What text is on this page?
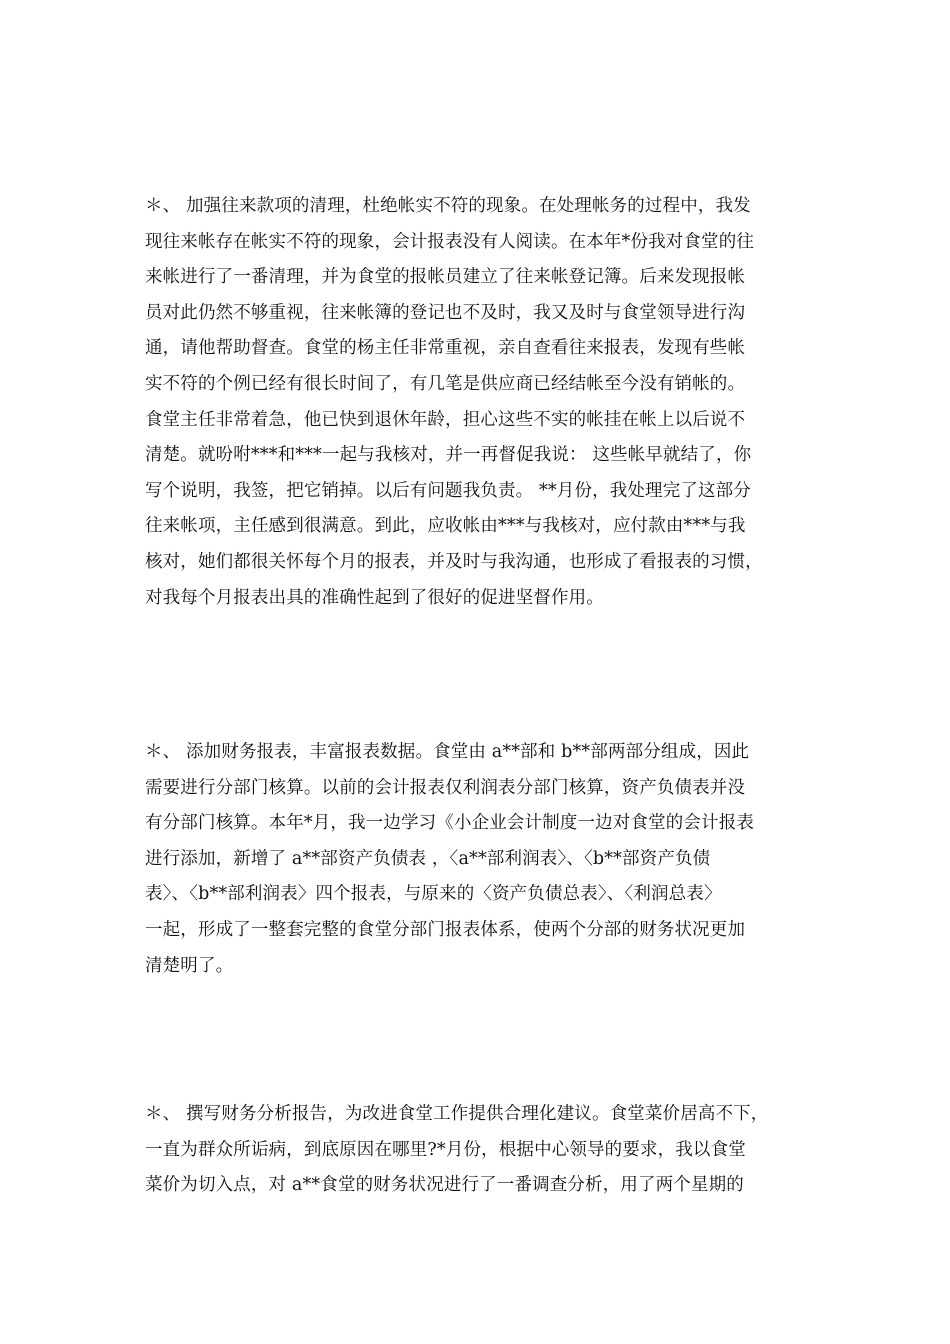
＊、 加强往来款项的清理，杜绝帐实不符的现象。在处理帐务的过程中，我发
现往来帐存在帐实不符的现象，会计报表没有人阅读。在本年*份我对食堂的往
来帐进行了一番清理，并为食堂的报帐员建立了往来帐登记簿。后来发现报帐
员对此仍然不够重视，往来帐簿的登记也不及时，我又及时与食堂领导进行沟
通，请他帮助督查。食堂的杨主任非常重视，亲自查看往来报表，发现有些帐
实不符的个例已经有很长时间了，有几笔是供应商已经结帐至今没有销帐的。
食堂主任非常着急，他已快到退休年龄，担心这些不实的帐挂在帐上以后说不
清楚。就吩咐***和***一起与我核对，并一再督促我说： 这些帐早就结了，你
写个说明，我签，把它销掉。以后有问题我负责。 **月份，我处理完了这部分
往来帐项，主任感到很满意。到此，应收帐由***与我核对，应付款由***与我
核对，她们都很关怀每个月的报表，并及时与我沟通，也形成了看报表的习惯，
对我每个月报表出具的准确性起到了很好的促进坚督作用。
＊、 添加财务报表，丰富报表数据。食堂由 a**部和 b**部两部分组成，因此
需要进行分部门核算。以前的会计报表仅利润表分部门核算，资产负债表并没
有分部门核算。本年*月，我一边学习《小企业会计制度一边对食堂的会计报表
进行添加，新增了 a**部资产负债表 ，〈a**部利润表〉、〈b**部资产负债
表〉、〈b**部利润表〉四个报表，与原来的〈资产负债总表〉、〈利润总表〉
一起，形成了一整套完整的食堂分部门报表体系，使两个分部的财务状况更加
清楚明了。
＊、 撰写财务分析报告，为改进食堂工作提供合理化建议。食堂菜价居高不下，
一直为群众所诟病，到底原因在哪里?*月份，根据中心领导的要求，我以食堂
菜价为切入点，对 a**食堂的财务状况进行了一番调查分析，用了两个星期的
